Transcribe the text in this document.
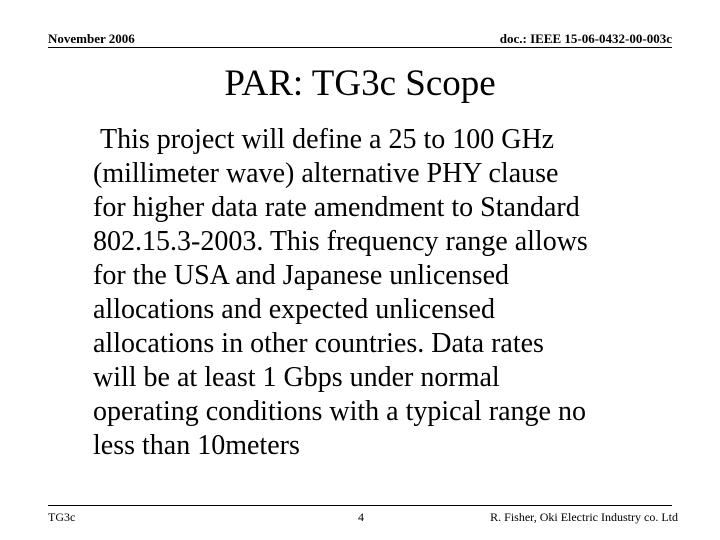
November 2006	doc.: IEEE 15-06-0432-00-003c
PAR: TG3c Scope
This project will define a 25 to 100 GHz
(millimeter wave) alternative PHY clause
for higher data rate amendment to Standard
802.15.3-2003. This frequency range allows
for the USA and Japanese unlicensed
allocations and expected unlicensed
allocations in other countries. Data rates
will be at least 1 Gbps under normal
operating conditions with a typical range no
less than 10meters
TG3c	4	R. Fisher, Oki Electric Industry co. Ltd
